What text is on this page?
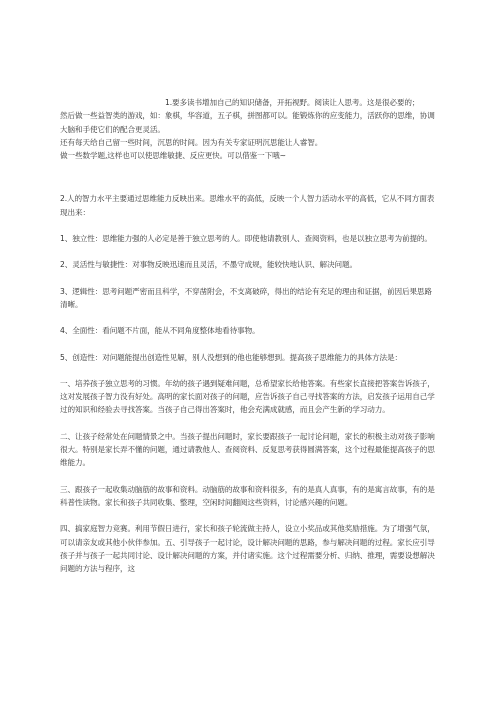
1.要多读书增加自己的知识储备，开拓视野。阅读让人思考。这是很必要的；

然后做一些益智类的游戏，如：象棋，华容道，五子棋，拼图都可以。能锻炼你的应变能力，活跃你的思维，协调大脑和手使它们的配合更灵活。

还有每天给自己留一些时间，沉思的时间。因为有关专家证明沉思能让人睿智。

做一些数学题,这样也可以使思维敏捷、反应更快。可以借鉴一下哦~

2.人的智力水平主要通过思维能力反映出来。思维水平的高低，反映一个人智力活动水平的高低，它从不同方面表现出来：

1、独立性：思维能力强的人必定是善于独立思考的人。即使他请教别人、查阅资料，也是以独立思考为前提的。

2、灵活性与敏捷性：对事物反映迅速而且灵活，不墨守成规，能较快地认识、解决问题。

3、逻辑性：思考问题严密而且科学，不穿凿附会，不支离破碎，得出的结论有充足的理由和证据，前因后果思路清晰。

4、全面性：看问题不片面，能从不同角度整体地看待事物。

5、创造性：对问题能提出创造性见解，别人没想到的他也能够想到。提高孩子思维能力的具体方法是：

一、培养孩子独立思考的习惯。年幼的孩子遇到疑难问题，总希望家长给他答案。有些家长直接把答案告诉孩子，这对发展孩子智力没有好处。高明的家长面对孩子的问题，应告诉孩子自己寻找答案的方法，启发孩子运用自己学过的知识和经验去寻找答案。当孩子自己得出答案时，他会充满成就感，而且会产生新的学习动力。

二、让孩子经常处在问题情景之中。当孩子提出问题时，家长要跟孩子一起讨论问题，家长的积极主动对孩子影响很大。特别是家长弄不懂的问题，通过请教他人、查阅资料、反复思考获得圆满答案，这个过程最能提高孩子的思维能力。

三、跟孩子一起收集动脑筋的故事和资料。动脑筋的故事和资料很多，有的是真人真事，有的是寓言故事，有的是科普性读物。家长和孩子共同收集、整理，空闲时间翻阅这些资料，讨论感兴趣的问题。

四、搞家庭智力竞赛。利用节假日进行，家长和孩子轮流做主持人，设立小奖品或其他奖励措施。为了增强气氛，可以请亲友或其他小伙伴参加。五、引导孩子一起讨论，设计解决问题的思路，参与解决问题的过程。家长应引导孩子并与孩子一起共同讨论、设计解决问题的方案，并付诸实施。这个过程需要分析、归纳、推理，需要设想解决问题的方法与程序，这
